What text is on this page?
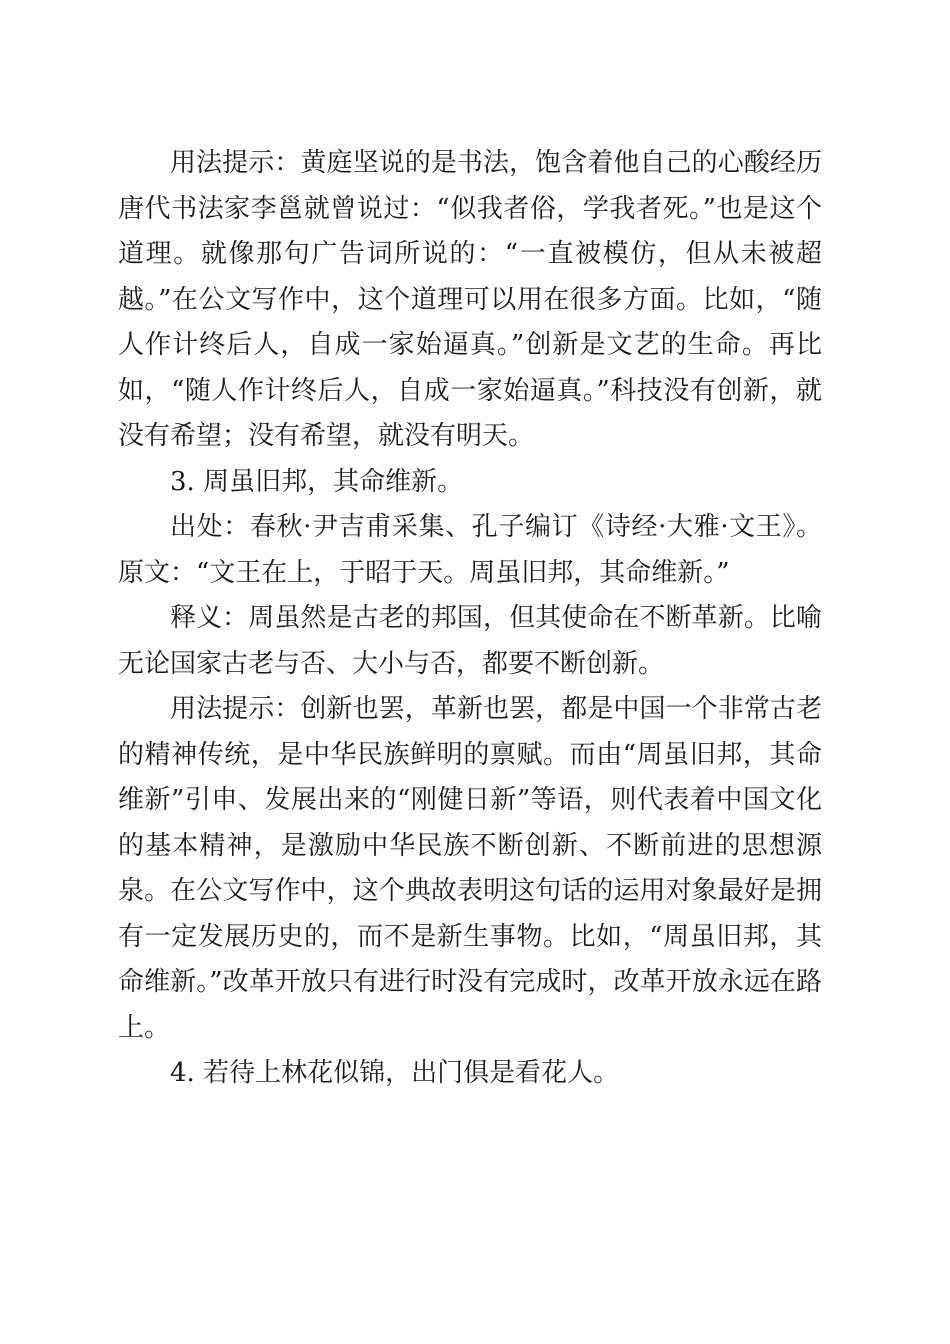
用法提示：黄庭坚说的是书法，饱含着他自己的心酸经历唐代书法家李邕就曾说过：“似我者俗，学我者死。”也是这个道理。就像那句广告词所说的：“一直被模仿，但从未被超越。”在公文写作中，这个道理可以用在很多方面。比如，“随人作计终后人，自成一家始逼真。”创新是文艺的生命。再比如，“随人作计终后人，自成一家始逼真。”科技没有创新，就没有希望；没有希望，就没有明天。

3. 周虽旧邦，其命维新。

出处：春秋·尹吉甫采集、孔子编订《诗经·大雅·文王》。原文：“文王在上，于昭于天。周虽旧邦，其命维新。”

释义：周虽然是古老的邦国，但其使命在不断革新。比喻无论国家古老与否、大小与否，都要不断创新。

用法提示：创新也罢，革新也罢，都是中国一个非常古老的精神传统，是中华民族鲜明的禀赋。而由“周虽旧邦，其命维新”引申、发展出来的“刚健日新”等语，则代表着中国文化的基本精神，是激励中华民族不断创新、不断前进的思想源泉。在公文写作中，这个典故表明这句话的运用对象最好是拥有一定发展历史的，而不是新生事物。比如，“周虽旧邦，其命维新。”改革开放只有进行时没有完成时，改革开放永远在路上。

4. 若待上林花似锦，出门俱是看花人。
